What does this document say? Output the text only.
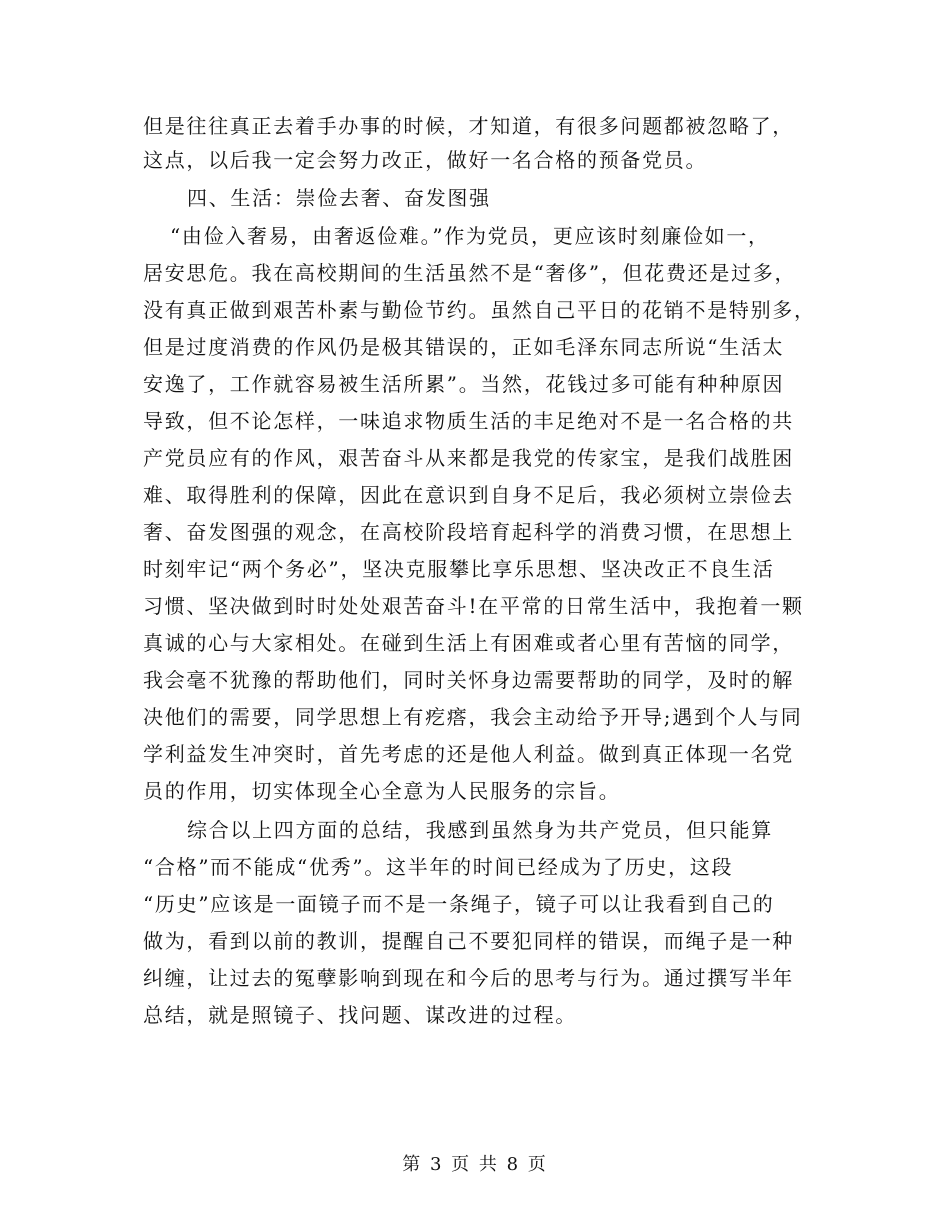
但是往往真正去着手办事的时候，才知道，有很多问题都被忽略了，
这点，以后我一定会努力改正，做好一名合格的预备党员。
四、生活：崇俭去奢、奋发图强
“由俭入奢易，由奢返俭难。”作为党员，更应该时刻廉俭如一，
居安思危。我在高校期间的生活虽然不是“奢侈”，但花费还是过多，
没有真正做到艰苦朴素与勤俭节约。虽然自己平日的花销不是特别多，
但是过度消费的作风仍是极其错误的，正如毛泽东同志所说“生活太
安逸了，工作就容易被生活所累”。当然，花钱过多可能有种种原因
导致，但不论怎样，一味追求物质生活的丰足绝对不是一名合格的共
产党员应有的作风，艰苦奋斗从来都是我党的传家宝，是我们战胜困
难、取得胜利的保障，因此在意识到自身不足后，我必须树立崇俭去
奢、奋发图强的观念，在高校阶段培育起科学的消费习惯，在思想上
时刻牢记“两个务必”，坚决克服攀比享乐思想、坚决改正不良生活
习惯、坚决做到时时处处艰苦奋斗!在平常的日常生活中，我抱着一颗
真诚的心与大家相处。在碰到生活上有困难或者心里有苦恼的同学，
我会毫不犹豫的帮助他们，同时关怀身边需要帮助的同学，及时的解
决他们的需要，同学思想上有疙瘩，我会主动给予开导;遇到个人与同
学利益发生冲突时，首先考虑的还是他人利益。做到真正体现一名党
员的作用，切实体现全心全意为人民服务的宗旨。
综合以上四方面的总结，我感到虽然身为共产党员，但只能算
“合格”而不能成“优秀”。这半年的时间已经成为了历史，这段
“历史”应该是一面镜子而不是一条绳子，镜子可以让我看到自己的
做为，看到以前的教训，提醒自己不要犯同样的错误，而绳子是一种
纠缠，让过去的冤孽影响到现在和今后的思考与行为。通过撰写半年
总结，就是照镜子、找问题、谋改进的过程。
第 3 页 共 8 页
